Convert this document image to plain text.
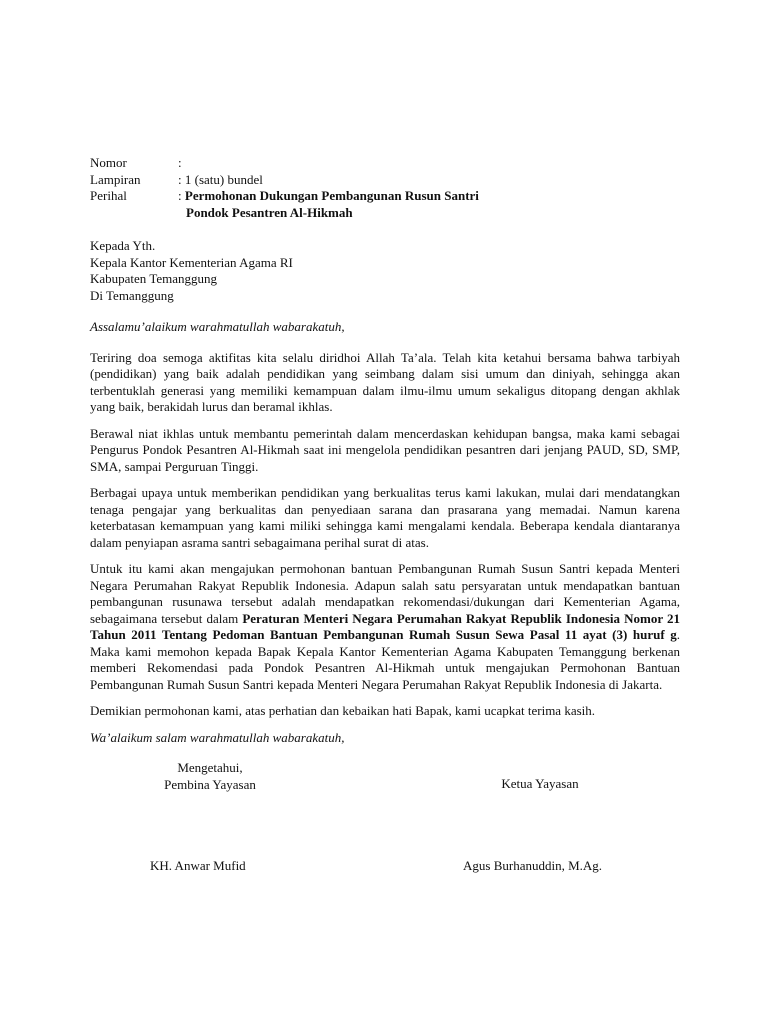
Nomor	:
Lampiran	: 1 (satu) bundel
Perihal	: Permohonan Dukungan Pembangunan Rusun Santri
Pondok Pesantren Al-Hikmah
Kepada Yth.
Kepala Kantor Kementerian Agama RI
Kabupaten Temanggung
Di Temanggung
Assalamu’alaikum warahmatullah wabarakatuh,

Teriring doa semoga aktifitas kita selalu diridhoi Allah Ta’ala. Telah kita ketahui bersama bahwa tarbiyah (pendidikan) yang baik adalah pendidikan yang seimbang dalam sisi umum dan diniyah, sehingga akan terbentuklah generasi yang memiliki kemampuan dalam ilmu-ilmu umum sekaligus ditopang dengan akhlak yang baik, berakidah lurus dan beramal ikhlas.

Berawal niat ikhlas untuk membantu pemerintah dalam mencerdaskan kehidupan bangsa, maka kami sebagai Pengurus Pondok Pesantren Al-Hikmah saat ini mengelola pendidikan pesantren dari jenjang PAUD, SD, SMP, SMA, sampai Perguruan Tinggi.

Berbagai upaya untuk memberikan pendidikan yang berkualitas terus kami lakukan, mulai dari mendatangkan tenaga pengajar yang berkualitas dan penyediaan sarana dan prasarana yang memadai. Namun karena keterbatasan kemampuan yang kami miliki sehingga kami mengalami kendala. Beberapa kendala diantaranya dalam penyiapan asrama santri sebagaimana perihal surat di atas.

Untuk itu kami akan mengajukan permohonan bantuan Pembangunan Rumah Susun Santri kepada Menteri Negara Perumahan Rakyat Republik Indonesia. Adapun salah satu persyaratan untuk mendapatkan bantuan pembangunan rusunawa tersebut adalah mendapatkan rekomendasi/dukungan dari Kementerian Agama, sebagaimana tersebut dalam Peraturan Menteri Negara Perumahan Rakyat Republik Indonesia Nomor 21 Tahun 2011 Tentang Pedoman Bantuan Pembangunan Rumah Susun Sewa Pasal 11 ayat (3) huruf g. Maka kami memohon kepada Bapak Kepala Kantor Kementerian Agama Kabupaten Temanggung berkenan memberi Rekomendasi pada Pondok Pesantren Al-Hikmah untuk mengajukan Permohonan Bantuan Pembangunan Rumah Susun Santri kepada Menteri Negara Perumahan Rakyat Republik Indonesia di Jakarta.

Demikian permohonan kami, atas perhatian dan kebaikan hati Bapak, kami ucapkat terima kasih.

Wa’alaikum salam warahmatullah wabarakatuh,
Mengetahui,
Pembina Yayasan	Ketua Yayasan
KH. Anwar Mufid	Agus Burhanuddin, M.Ag.
